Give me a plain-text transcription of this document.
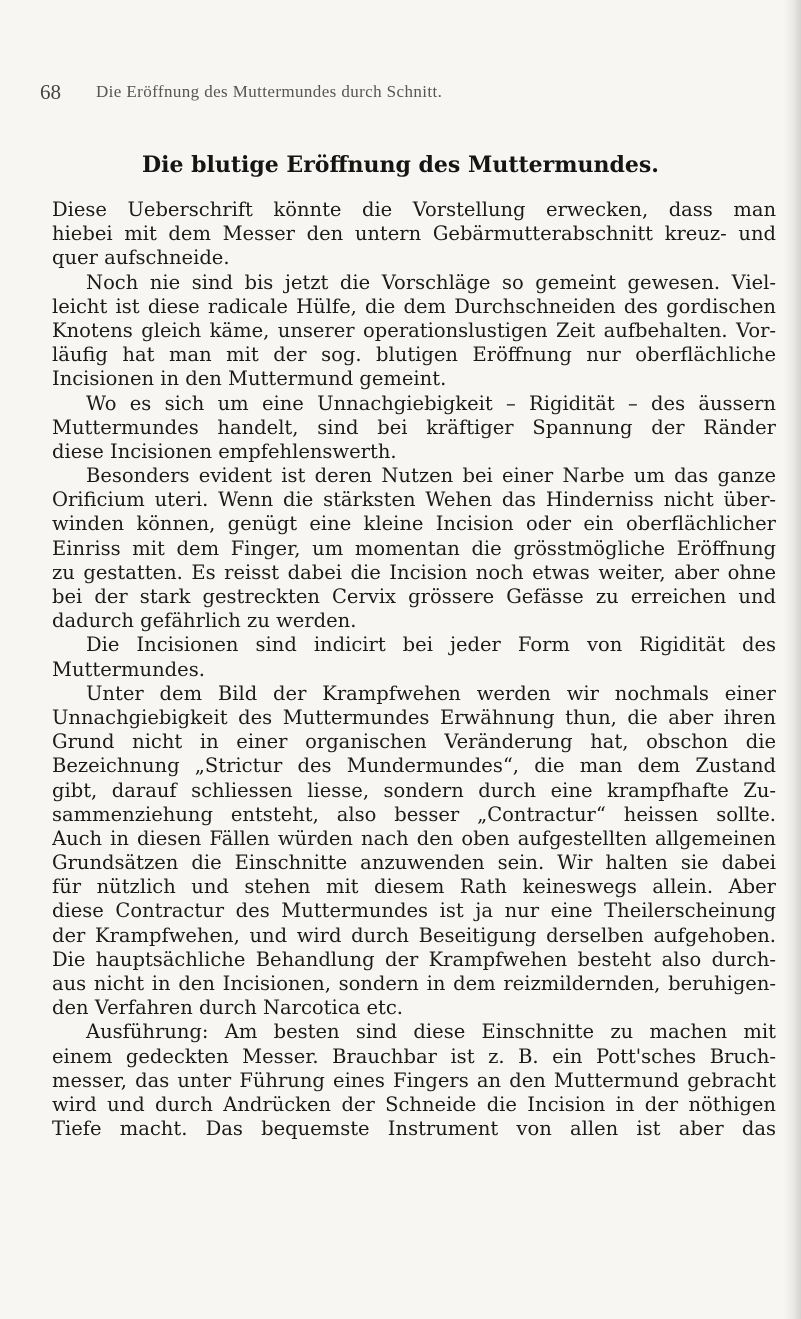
68 Die Eröffnung des Muttermundes durch Schnitt.
Die blutige Eröffnung des Muttermundes.
Diese Ueberschrift könnte die Vorstellung erwecken, dass man
hiebei mit dem Messer den untern Gebärmutterabschnitt kreuz- und
quer aufschneide.
Noch nie sind bis jetzt die Vorschläge so gemeint gewesen. Viel-
leicht ist diese radicale Hülfe, die dem Durchschneiden des gordischen
Knotens gleich käme, unserer operationslustigen Zeit aufbehalten. Vor-
läufig hat man mit der sog. blutigen Eröffnung nur oberflächliche
Incisionen in den Muttermund gemeint.
Wo es sich um eine Unnachgiebigkeit – Rigidität – des äussern
Muttermundes handelt, sind bei kräftiger Spannung der Ränder
diese Incisionen empfehlenswerth.
Besonders evident ist deren Nutzen bei einer Narbe um das ganze
Orificium uteri. Wenn die stärksten Wehen das Hinderniss nicht über-
winden können, genügt eine kleine Incision oder ein oberflächlicher
Einriss mit dem Finger, um momentan die grösstmögliche Eröffnung
zu gestatten. Es reisst dabei die Incision noch etwas weiter, aber ohne
bei der stark gestreckten Cervix grössere Gefässe zu erreichen und
dadurch gefährlich zu werden.
Die Incisionen sind indicirt bei jeder Form von Rigidität des
Muttermundes.
Unter dem Bild der Krampfwehen werden wir nochmals einer
Unnachgiebigkeit des Muttermundes Erwähnung thun, die aber ihren
Grund nicht in einer organischen Veränderung hat, obschon die
Bezeichnung „Strictur des Mundermundes“, die man dem Zustand
gibt, darauf schliessen liesse, sondern durch eine krampfhafte Zu-
sammenziehung entsteht, also besser „Contractur“ heissen sollte.
Auch in diesen Fällen würden nach den oben aufgestellten allgemeinen
Grundsätzen die Einschnitte anzuwenden sein. Wir halten sie dabei
für nützlich und stehen mit diesem Rath keineswegs allein. Aber
diese Contractur des Muttermundes ist ja nur eine Theilerscheinung
der Krampfwehen, und wird durch Beseitigung derselben aufgehoben.
Die hauptsächliche Behandlung der Krampfwehen besteht also durch-
aus nicht in den Incisionen, sondern in dem reizmildernden, beruhigen-
den Verfahren durch Narcotica etc.
Ausführung: Am besten sind diese Einschnitte zu machen mit
einem gedeckten Messer. Brauchbar ist z. B. ein Pott'sches Bruch-
messer, das unter Führung eines Fingers an den Muttermund gebracht
wird und durch Andrücken der Schneide die Incision in der nöthigen
Tiefe macht. Das bequemste Instrument von allen ist aber das
